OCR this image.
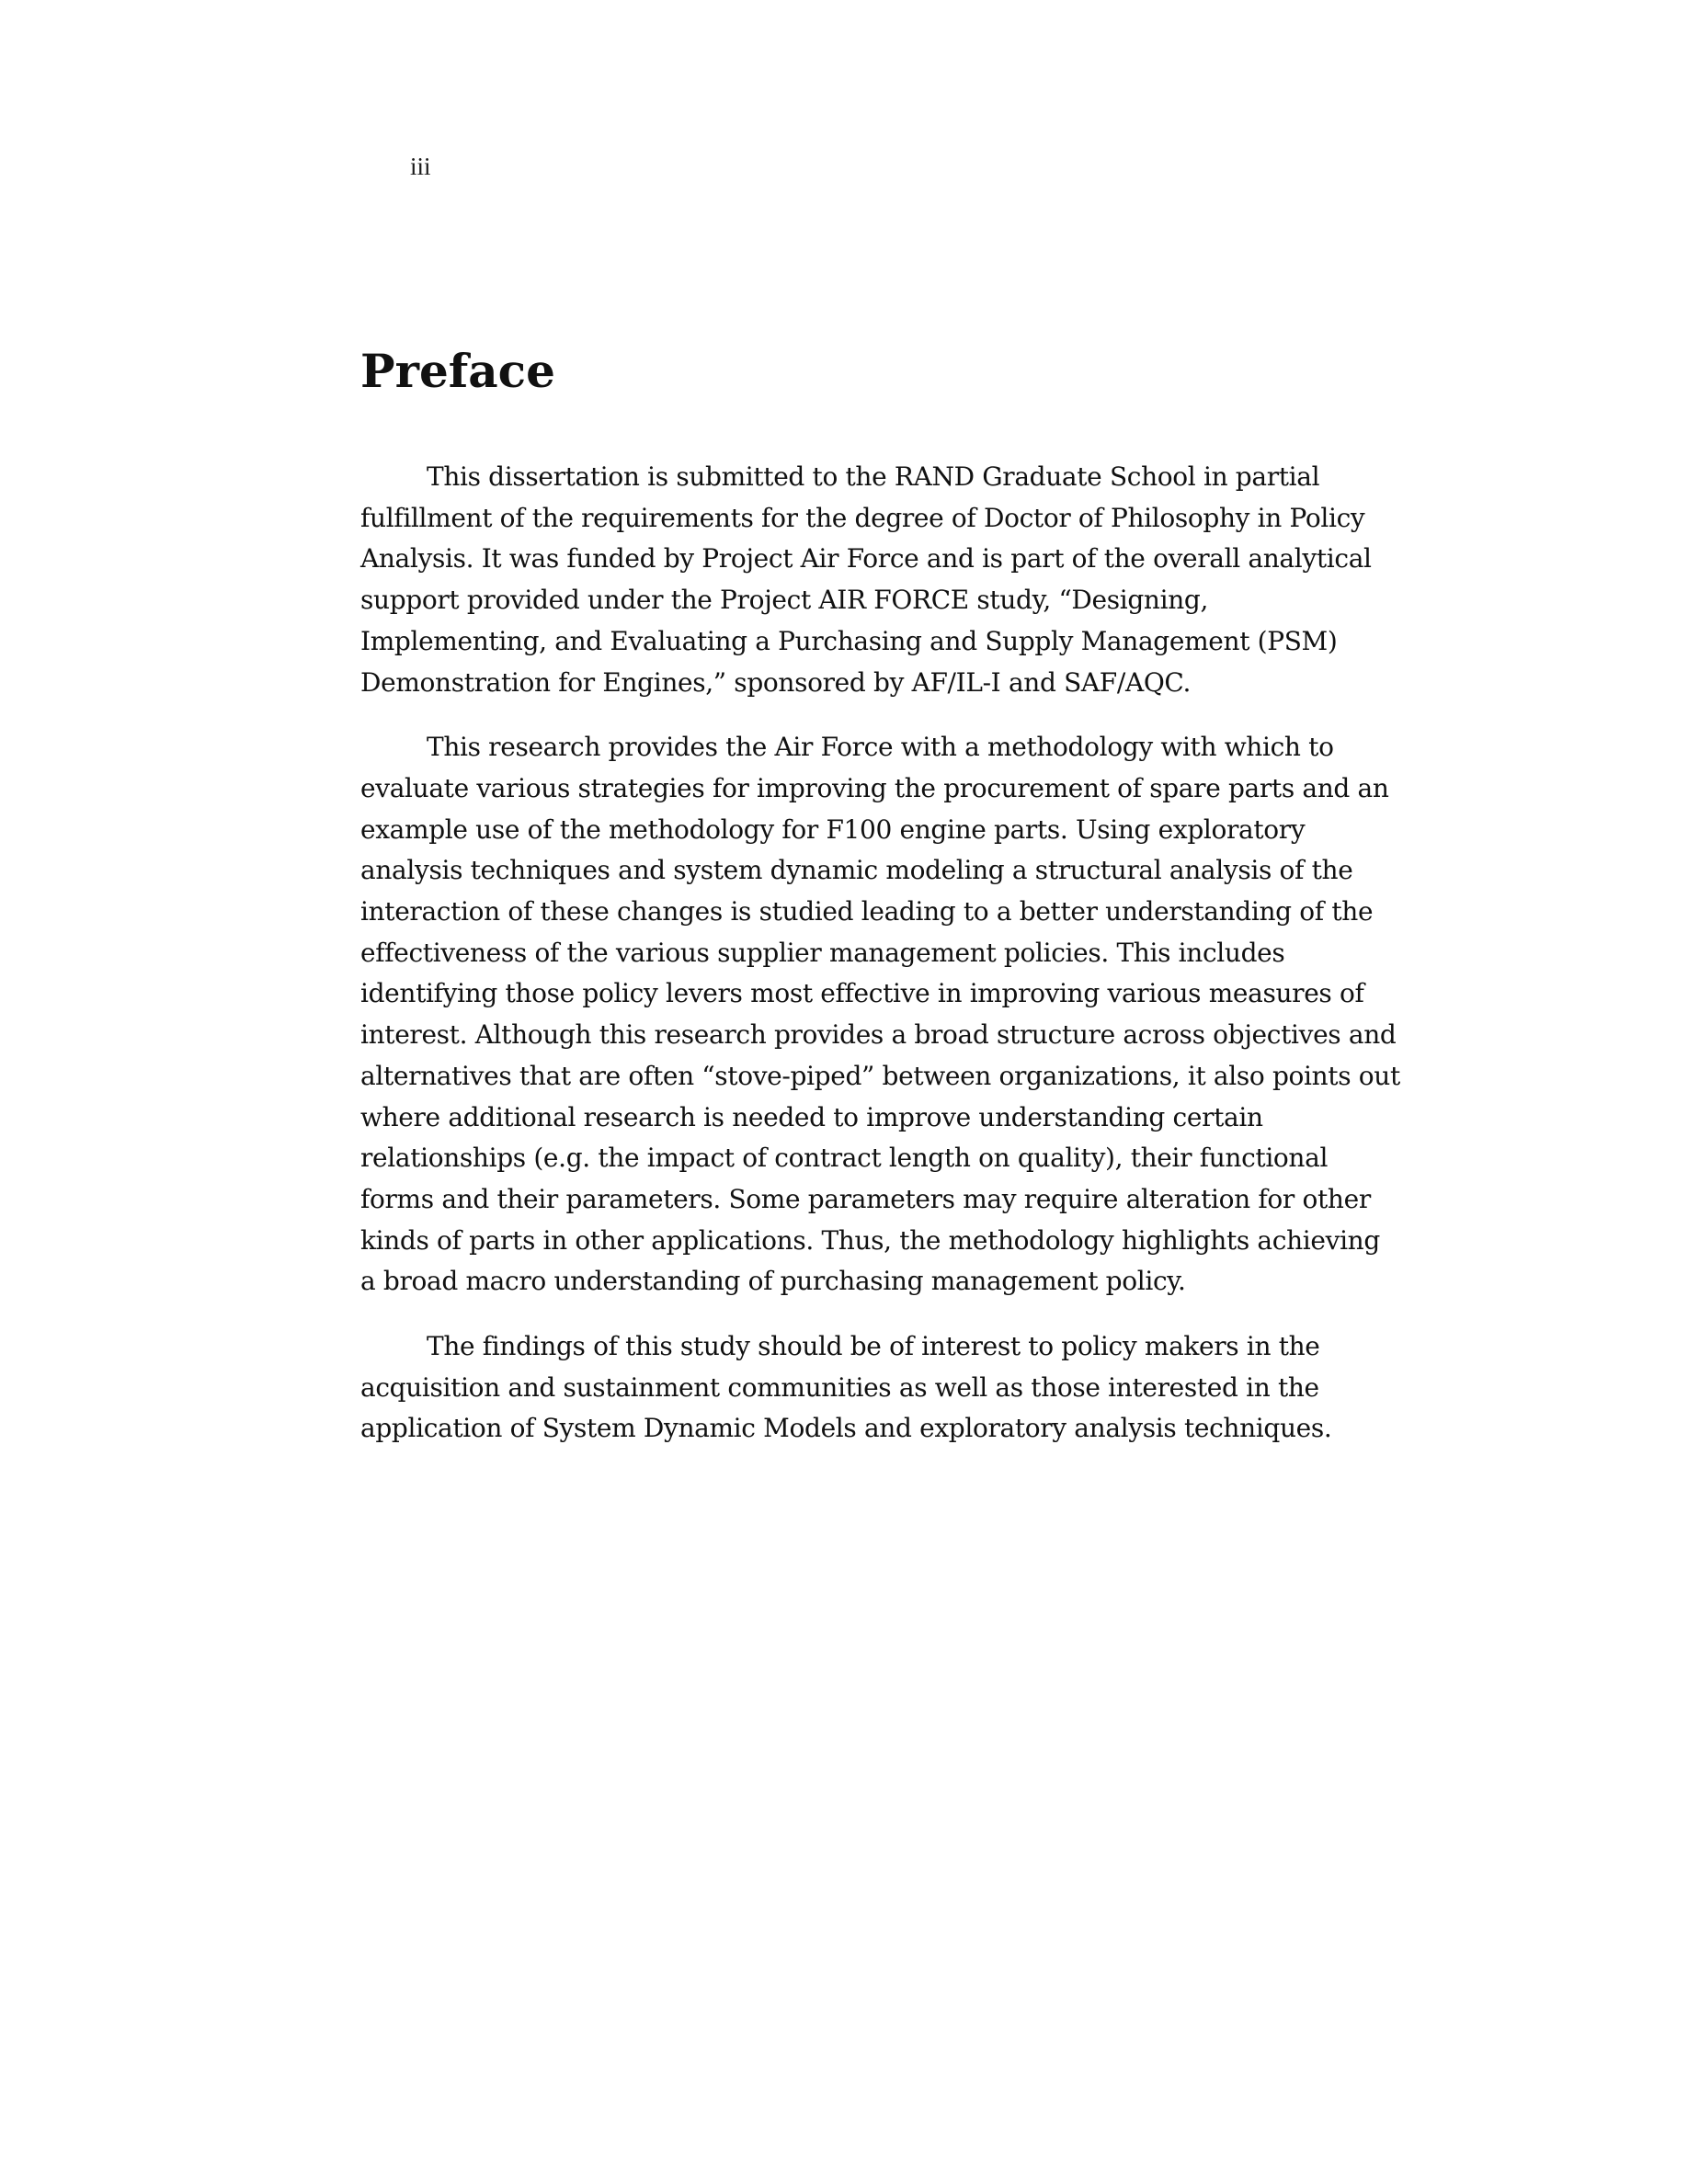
iii
Preface
This dissertation is submitted to the RAND Graduate School in partial
fulfillment of the requirements for the degree of Doctor of Philosophy in Policy
Analysis. It was funded by Project Air Force and is part of the overall analytical
support provided under the Project AIR FORCE study, “Designing,
Implementing, and Evaluating a Purchasing and Supply Management (PSM)
Demonstration for Engines,” sponsored by AF/IL-I and SAF/AQC.
This research provides the Air Force with a methodology with which to
evaluate various strategies for improving the procurement of spare parts and an
example use of the methodology for F100 engine parts. Using exploratory
analysis techniques and system dynamic modeling a structural analysis of the
interaction of these changes is studied leading to a better understanding of the
effectiveness of the various supplier management policies. This includes
identifying those policy levers most effective in improving various measures of
interest. Although this research provides a broad structure across objectives and
alternatives that are often “stove-piped” between organizations, it also points out
where additional research is needed to improve understanding certain
relationships (e.g. the impact of contract length on quality), their functional
forms and their parameters. Some parameters may require alteration for other
kinds of parts in other applications. Thus, the methodology highlights achieving
a broad macro understanding of purchasing management policy.
The findings of this study should be of interest to policy makers in the
acquisition and sustainment communities as well as those interested in the
application of System Dynamic Models and exploratory analysis techniques.
